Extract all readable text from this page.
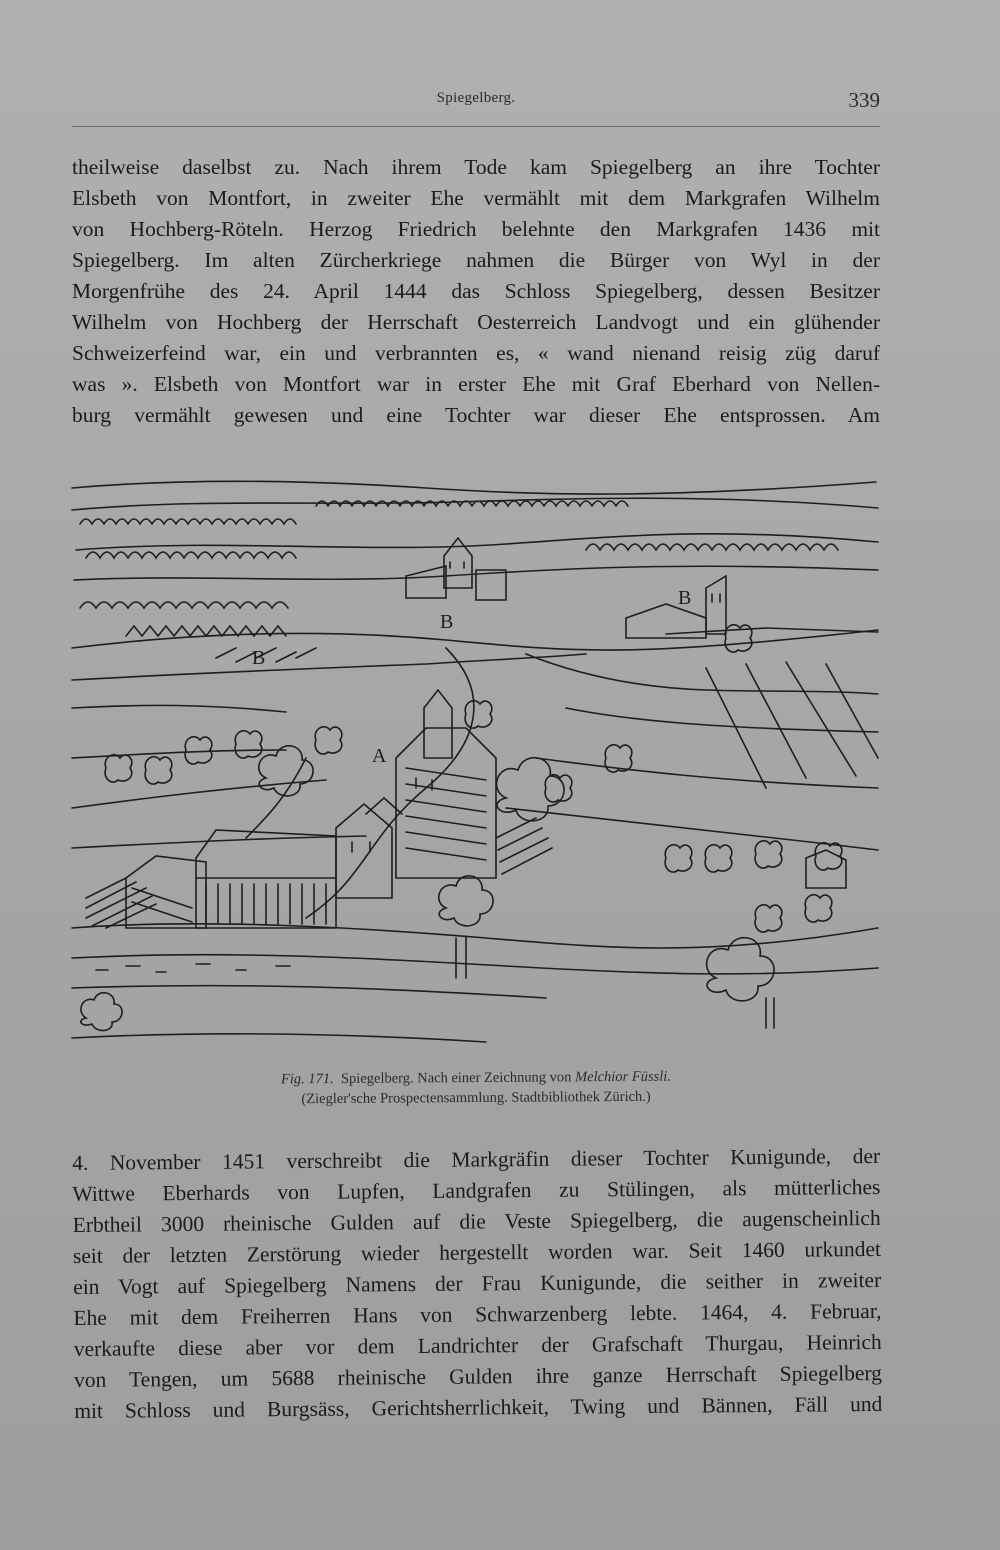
Spiegelberg.	339
theilweise daselbst zu. Nach ihrem Tode kam Spiegelberg an ihre Tochter
Elsbeth von Montfort, in zweiter Ehe vermählt mit dem Markgrafen Wilhelm
von Hochberg-Röteln. Herzog Friedrich belehnte den Markgrafen 1436 mit
Spiegelberg. Im alten Zürcherkriege nahmen die Bürger von Wyl in der
Morgenfrühe des 24. April 1444 das Schloss Spiegelberg, dessen Besitzer
Wilhelm von Hochberg der Herrschaft Oesterreich Landvogt und ein glühender
Schweizerfeind war, ein und verbrannten es, « wand nienand reisig züg daruf
was ». Elsbeth von Montfort war in erster Ehe mit Graf Eberhard von Nellen-
burg vermählt gewesen und eine Tochter war dieser Ehe entsprossen. Am
A
B
B
B
Fig. 171. Spiegelberg. Nach einer Zeichnung von Melchior Füssli.
(Ziegler'sche Prospectensammlung. Stadtbibliothek Zürich.)
4. November 1451 verschreibt die Markgräfin dieser Tochter Kunigunde, der
Wittwe Eberhards von Lupfen, Landgrafen zu Stülingen, als mütterliches
Erbtheil 3000 rheinische Gulden auf die Veste Spiegelberg, die augenscheinlich
seit der letzten Zerstörung wieder hergestellt worden war. Seit 1460 urkundet
ein Vogt auf Spiegelberg Namens der Frau Kunigunde, die seither in zweiter
Ehe mit dem Freiherren Hans von Schwarzenberg lebte. 1464, 4. Februar,
verkaufte diese aber vor dem Landrichter der Grafschaft Thurgau, Heinrich
von Tengen, um 5688 rheinische Gulden ihre ganze Herrschaft Spiegelberg
mit Schloss und Burgsäss, Gerichtsherrlichkeit, Twing und Bännen, Fäll und
